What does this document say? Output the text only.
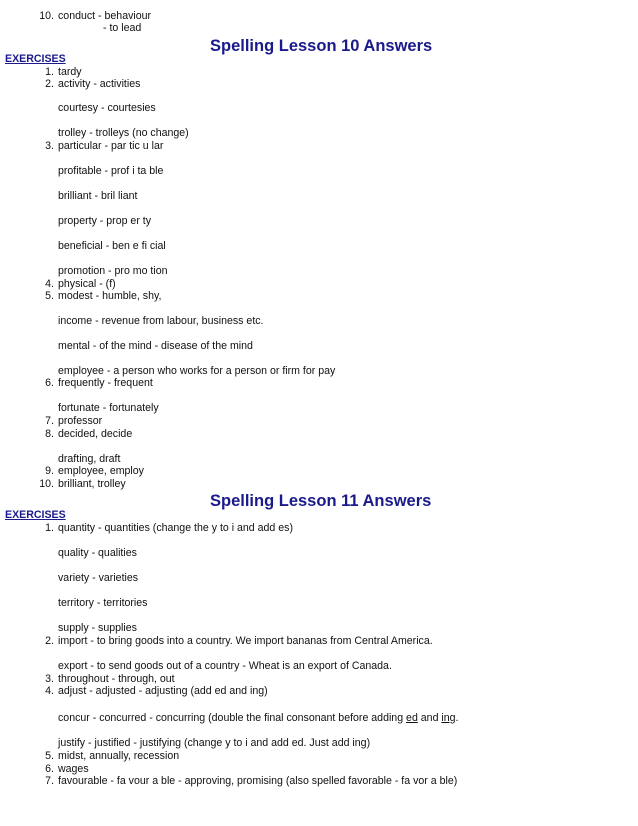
10. conduct - behaviour
- to lead
Spelling Lesson 10 Answers
EXERCISES
1. tardy
2. activity - activities
courtesy - courtesies
trolley - trolleys (no change)
3. particular - par tic u lar
profitable - prof i ta ble
brilliant - bril liant
property - prop er ty
beneficial - ben e fi cial
promotion - pro mo tion
4. physical - (f)
5. modest - humble, shy,
income - revenue from labour, business etc.
mental - of the mind - disease of the mind
employee - a person who works for a person or firm for pay
6. frequently - frequent
fortunate - fortunately
7. professor
8. decided, decide
drafting, draft
9. employee, employ
10. brilliant, trolley
Spelling Lesson 11 Answers
EXERCISES
1. quantity - quantities (change the y to i and add es)
quality - qualities
variety - varieties
territory - territories
supply - supplies
2. import - to bring goods into a country. We import bananas from Central America.
export - to send goods out of a country - Wheat is an export of Canada.
3. throughout - through, out
4. adjust - adjusted - adjusting (add ed and ing)
concur - concurred - concurring (double the final consonant before adding ed and ing.
justify - justified - justifying (change y to i and add ed. Just add ing)
5. midst, annually, recession
6. wages
7. favourable - fa vour a ble - approving, promising (also spelled favorable - fa vor a ble)
